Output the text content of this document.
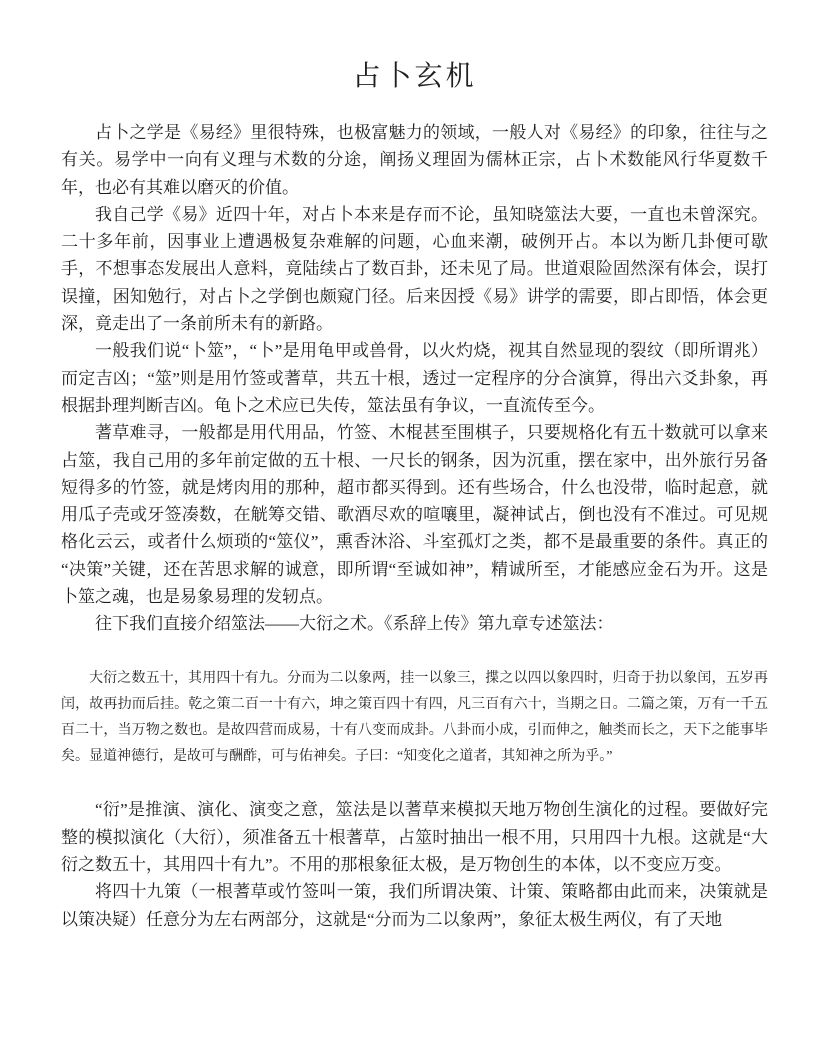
占卜玄机

占卜之学是《易经》里很特殊，也极富魅力的领域，一般人对《易经》的印象，往往与之有关。易学中一向有义理与术数的分途，阐扬义理固为儒林正宗，占卜术数能风行华夏数千年，也必有其难以磨灭的价值。

我自己学《易》近四十年，对占卜本来是存而不论，虽知晓筮法大要，一直也未曾深究。二十多年前，因事业上遭遇极复杂难解的问题，心血来潮，破例开占。本以为断几卦便可歇手，不想事态发展出人意料，竟陆续占了数百卦，还未见了局。世道艰险固然深有体会，误打误撞，困知勉行，对占卜之学倒也颇窥门径。后来因授《易》讲学的需要，即占即悟，体会更深，竟走出了一条前所未有的新路。

一般我们说“卜筮”，“卜”是用龟甲或兽骨，以火灼烧，视其自然显现的裂纹（即所谓兆）而定吉凶；“筮”则是用竹签或蓍草，共五十根，透过一定程序的分合演算，得出六爻卦象，再根据卦理判断吉凶。龟卜之术应已失传，筮法虽有争议，一直流传至今。

蓍草难寻，一般都是用代用品，竹签、木棍甚至围棋子，只要规格化有五十数就可以拿来占筮，我自己用的多年前定做的五十根、一尺长的钢条，因为沉重，摆在家中，出外旅行另备短得多的竹签，就是烤肉用的那种，超市都买得到。还有些场合，什么也没带，临时起意，就用瓜子壳或牙签凑数，在觥筹交错、歌酒尽欢的喧嚷里，凝神试占，倒也没有不准过。可见规格化云云，或者什么烦琐的“筮仪”，熏香沐浴、斗室孤灯之类，都不是最重要的条件。真正的“决策”关键，还在苦思求解的诚意，即所谓“至诚如神”，精诚所至，才能感应金石为开。这是卜筮之魂，也是易象易理的发轫点。

往下我们直接介绍筮法——大衍之术。《系辞上传》第九章专述筮法：

大衍之数五十，其用四十有九。分而为二以象两，挂一以象三，揲之以四以象四时，归奇于扐以象闰，五岁再闰，故再扐而后挂。乾之策二百一十有六，坤之策百四十有四，凡三百有六十，当期之日。二篇之策，万有一千五百二十，当万物之数也。是故四营而成易，十有八变而成卦。八卦而小成，引而伸之，触类而长之，天下之能事毕矣。显道神德行，是故可与酬酢，可与佑神矣。子曰：“知变化之道者，其知神之所为乎。”

“衍”是推演、演化、演变之意，筮法是以蓍草来模拟天地万物创生演化的过程。要做好完整的模拟演化（大衍），须准备五十根蓍草，占筮时抽出一根不用，只用四十九根。这就是“大衍之数五十，其用四十有九”。不用的那根象征太极，是万物创生的本体，以不变应万变。

将四十九策（一根蓍草或竹签叫一策，我们所谓决策、计策、策略都由此而来，决策就是以策决疑）任意分为左右两部分，这就是“分而为二以象两”，象征太极生两仪，有了天地
